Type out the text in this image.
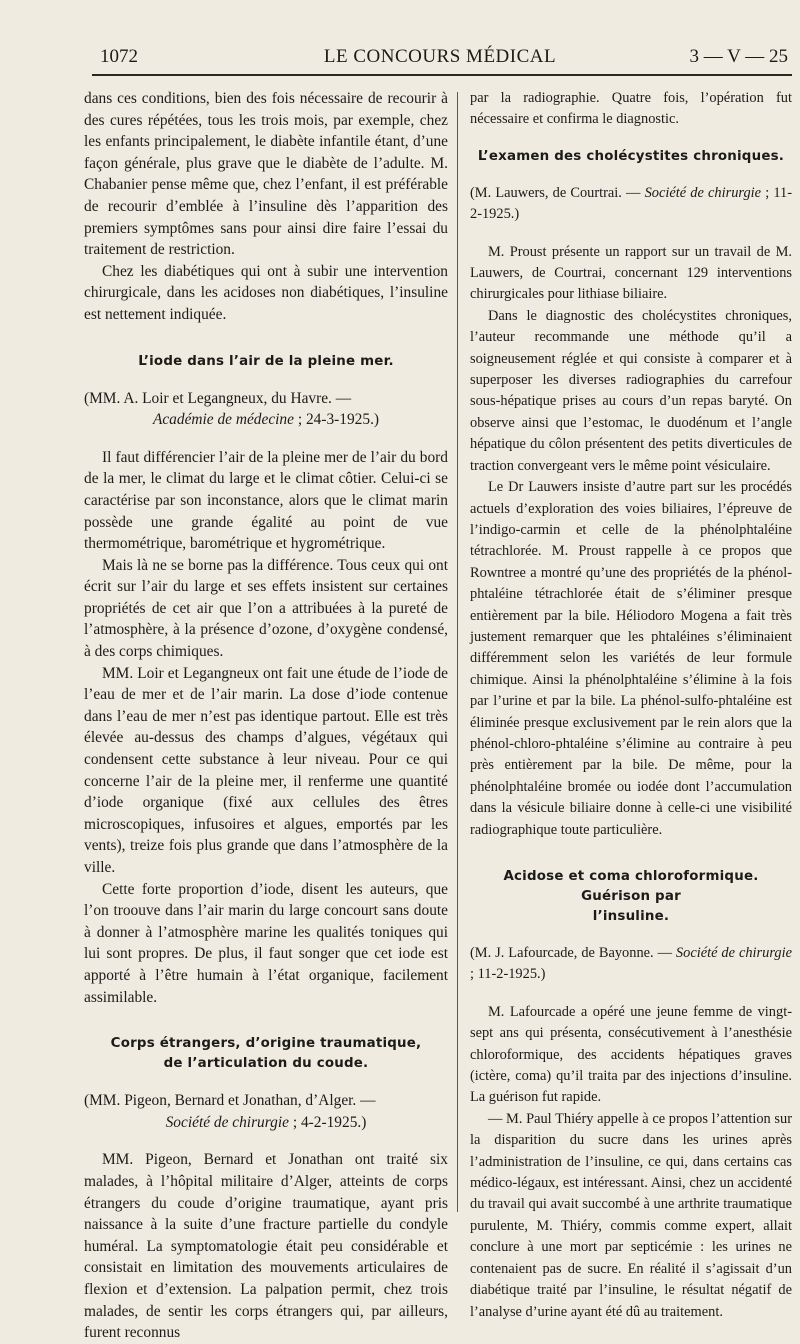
1072	LE CONCOURS MÉDICAL	3 — V — 25

dans ces conditions, bien des fois nécessaire de recourir à des cures répétées, tous les trois mois, par exemple, chez les enfants principalement, le diabète infantile étant, d’une façon générale, plus grave que le diabète de l’adulte. M. Chabanier pense même que, chez l’enfant, il est préférable de recourir d’emblée à l’insuline dès l’apparition des premiers symptômes sans pour ainsi dire faire l’essai du traitement de restriction.

Chez les diabétiques qui ont à subir une intervention chirurgicale, dans les acidoses non diabétiques, l’insuline est nettement indiquée.

L’iode dans l’air de la pleine mer.

(MM. A. Loir et Legangneux, du Havre. —
Académie de médecine ; 24-3-1925.)

Il faut différencier l’air de la pleine mer de l’air du bord de la mer, le climat du large et le climat côtier. Celui-ci se caractérise par son inconstance, alors que le climat marin possède une grande égalité au point de vue thermométrique, barométrique et hygrométrique.

Mais là ne se borne pas la différence. Tous ceux qui ont écrit sur l’air du large et ses effets insistent sur certaines propriétés de cet air que l’on a attribuées à la pureté de l’atmosphère, à la présence d’ozone, d’oxygène condensé, à des corps chimiques.

MM. Loir et Legangneux ont fait une étude de l’iode de l’eau de mer et de l’air marin. La dose d’iode contenue dans l’eau de mer n’est pas identique partout. Elle est très élevée au-dessus des champs d’algues, végétaux qui condensent cette substance à leur niveau. Pour ce qui concerne l’air de la pleine mer, il renferme une quantité d’iode organique (fixé aux cellules des êtres microscopiques, infusoires et algues, emportés par les vents), treize fois plus grande que dans l’atmosphère de la ville.

Cette forte proportion d’iode, disent les auteurs, que l’on troouve dans l’air marin du large concourt sans doute à donner à l’atmosphère marine les qualités toniques qui lui sont propres. De plus, il faut songer que cet iode est apporté à l’être humain à l’état organique, facilement assimilable.

Corps étrangers, d’origine traumatique,
de l’articulation du coude.

(MM. Pigeon, Bernard et Jonathan, d’Alger. —
Société de chirurgie ; 4-2-1925.)

MM. Pigeon, Bernard et Jonathan ont traité six malades, à l’hôpital militaire d’Alger, atteints de corps étrangers du coude d’origine traumatique, ayant pris naissance à la suite d’une fracture partielle du condyle huméral. La symptomatologie était peu considérable et consistait en limitation des mouvements articulaires de flexion et d’extension. La palpation permit, chez trois malades, de sentir les corps étrangers qui, par ailleurs, furent reconnus

par la radiographie. Quatre fois, l’opération fut nécessaire et confirma le diagnostic.

L’examen des cholécystites chroniques.

(M. Lauwers, de Courtrai. — Société de chirurgie ; 11-2-1925.)

M. Proust présente un rapport sur un travail de M. Lauwers, de Courtrai, concernant 129 interventions chirurgicales pour lithiase biliaire.

Dans le diagnostic des cholécystites chroniques, l’auteur recommande une méthode qu’il a soigneusement réglée et qui consiste à comparer et à superposer les diverses radiographies du carrefour sous-hépatique prises au cours d’un repas baryté. On observe ainsi que l’estomac, le duodénum et l’angle hépatique du côlon présentent des petits diverticules de traction convergeant vers le même point vésiculaire.

Le Dr Lauwers insiste d’autre part sur les procédés actuels d’exploration des voies biliaires, l’épreuve de l’indigo-carmin et celle de la phénolphtaléine tétrachlorée. M. Proust rappelle à ce propos que Rowntree a montré qu’une des propriétés de la phénol-phtaléine tétrachlorée était de s’éliminer presque entièrement par la bile. Héliodoro Mogena a fait très justement remarquer que les phtaléines s’éliminaient différemment selon les variétés de leur formule chimique. Ainsi la phénolphtaléine s’élimine à la fois par l’urine et par la bile. La phénol-sulfo-phtaléine est éliminée presque exclusivement par le rein alors que la phénol-chloro-phtaléine s’élimine au contraire à peu près entièrement par la bile. De même, pour la phénolphtaléine bromée ou iodée dont l’accumulation dans la vésicule biliaire donne à celle-ci une visibilité radiographique toute particulière.

Acidose et coma chloroformique. Guérison par
l’insuline.

(M. J. Lafourcade, de Bayonne. — Société de chirurgie ; 11-2-1925.)

M. Lafourcade a opéré une jeune femme de vingt-sept ans qui présenta, consécutivement à l’anesthésie chloroformique, des accidents hépatiques graves (ictère, coma) qu’il traita par des injections d’insuline. La guérison fut rapide.

— M. Paul Thiéry appelle à ce propos l’attention sur la disparition du sucre dans les urines après l’administration de l’insuline, ce qui, dans certains cas médico-légaux, est intéressant. Ainsi, chez un accidenté du travail qui avait succombé à une arthrite traumatique purulente, M. Thiéry, commis comme expert, allait conclure à une mort par septicémie : les urines ne contenaient pas de sucre. En réalité il s’agissait d’un diabétique traité par l’insuline, le résultat négatif de l’analyse d’urine ayant été dû au traitement.
